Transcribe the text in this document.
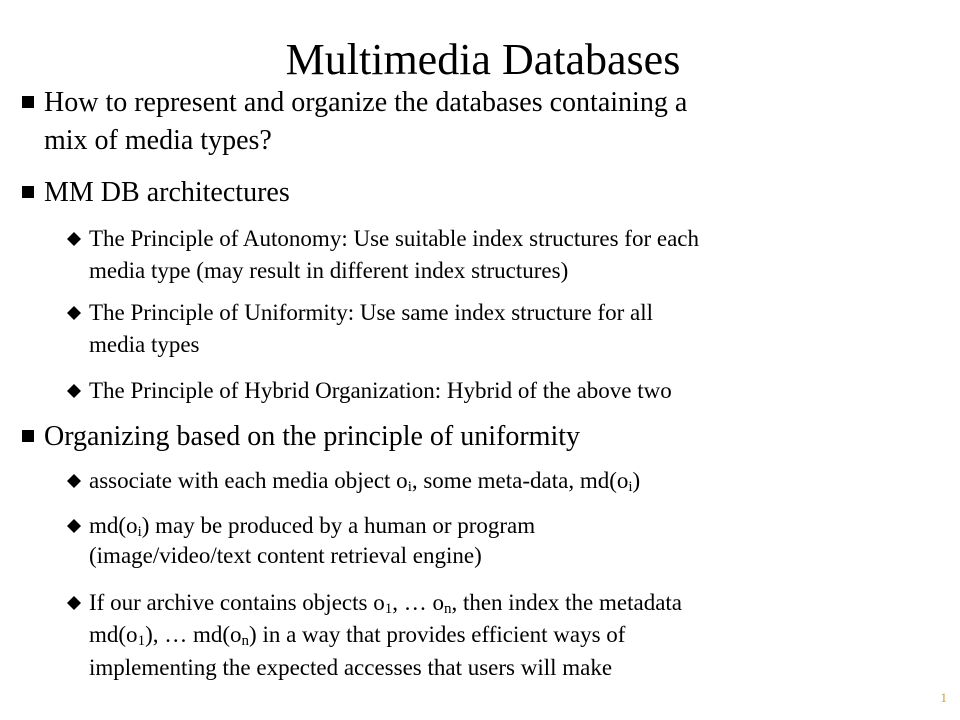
Multimedia Databases
How to represent and organize the databases containing a
mix of media types?
MM DB architectures
The Principle of Autonomy: Use suitable index structures for each
media type (may result in different index structures)
The Principle of Uniformity: Use same index structure for all
media types
The Principle of Hybrid Organization: Hybrid of the above two
Organizing based on the principle of uniformity
associate with each media object $o_i$, some meta-data, $md(o_i)$
$md(o_i)$ may be produced by a human or program
(image/video/text content retrieval engine)
If our archive contains objects $o_1$, … $o_n$, then index the metadata
$md(o_1)$, … $md(o_n)$ in a way that provides efficient ways of
implementing the expected accesses that users will make
1
